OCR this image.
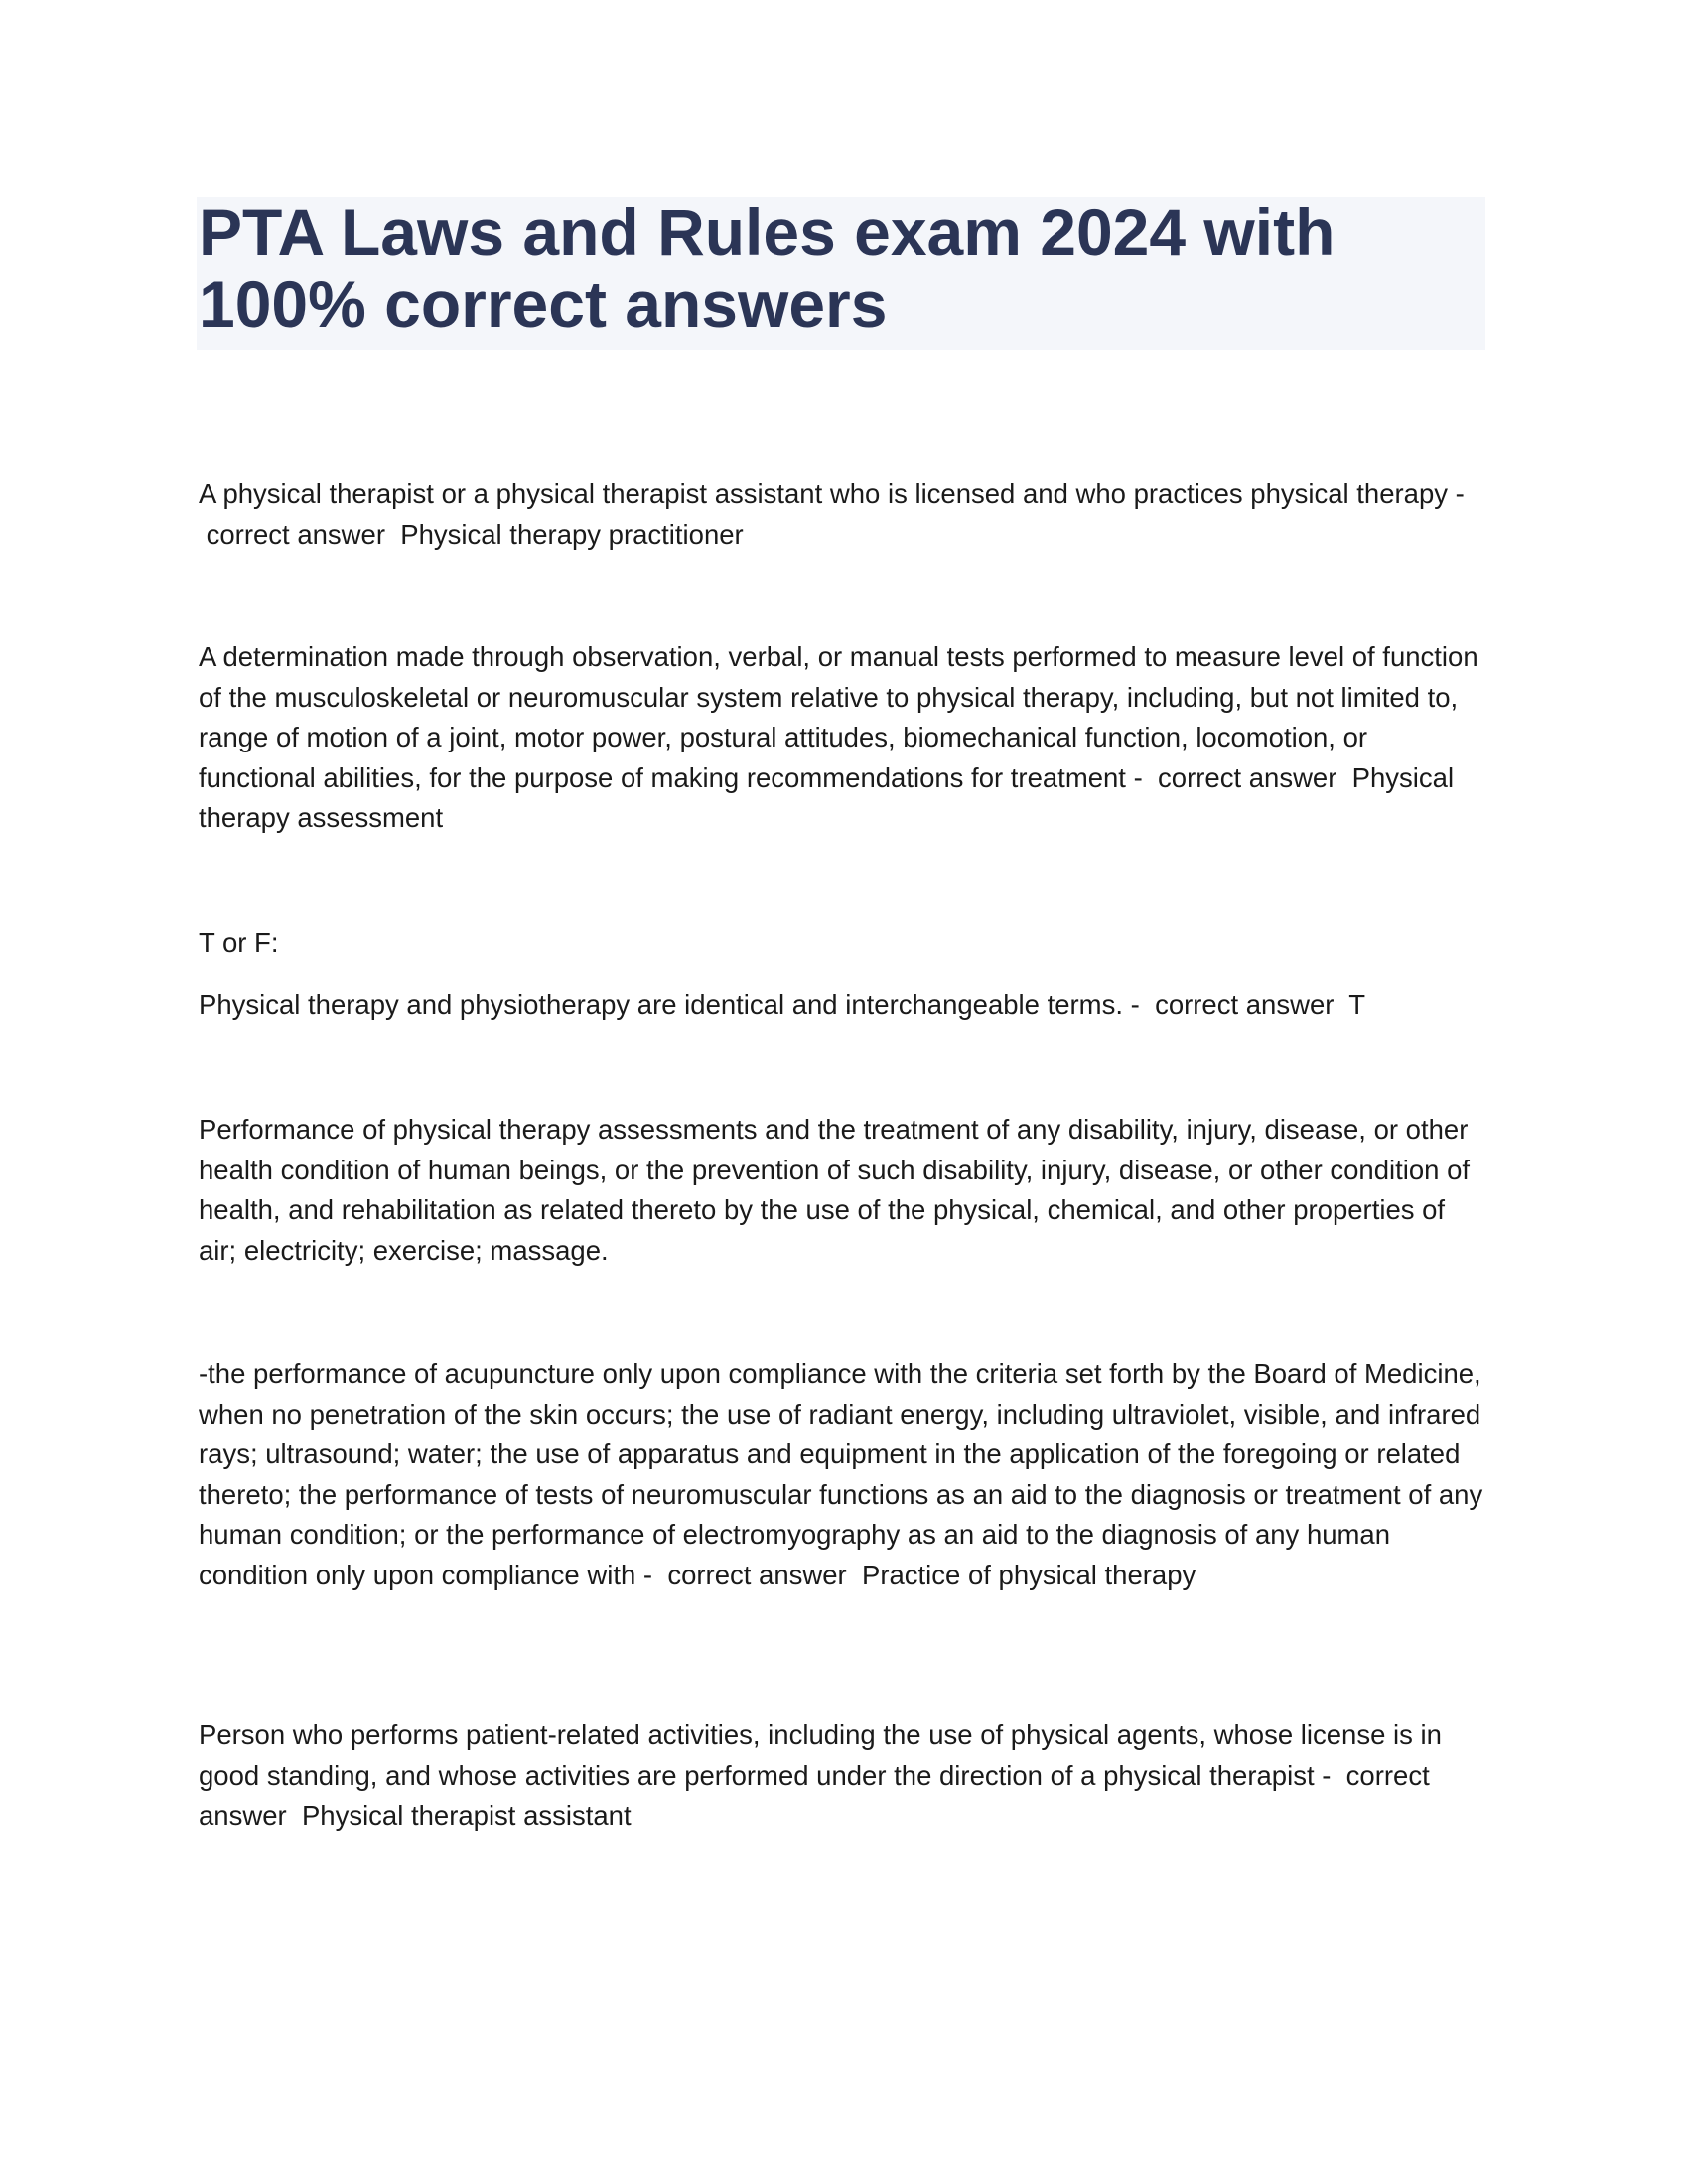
PTA Laws and Rules exam 2024 with
100% correct answers

A physical therapist or a physical therapist assistant who is licensed and who practices physical therapy - correct answer Physical therapy practitioner

A determination made through observation, verbal, or manual tests performed to measure level of function of the musculoskeletal or neuromuscular system relative to physical therapy, including, but not limited to, range of motion of a joint, motor power, postural attitudes, biomechanical function, locomotion, or functional abilities, for the purpose of making recommendations for treatment - correct answer Physical therapy assessment

T or F:

Physical therapy and physiotherapy are identical and interchangeable terms. - correct answer T

Performance of physical therapy assessments and the treatment of any disability, injury, disease, or other health condition of human beings, or the prevention of such disability, injury, disease, or other condition of health, and rehabilitation as related thereto by the use of the physical, chemical, and other properties of air; electricity; exercise; massage.

-the performance of acupuncture only upon compliance with the criteria set forth by the Board of Medicine, when no penetration of the skin occurs; the use of radiant energy, including ultraviolet, visible, and infrared rays; ultrasound; water; the use of apparatus and equipment in the application of the foregoing or related thereto; the performance of tests of neuromuscular functions as an aid to the diagnosis or treatment of any human condition; or the performance of electromyography as an aid to the diagnosis of any human condition only upon compliance with - correct answer Practice of physical therapy

Person who performs patient-related activities, including the use of physical agents, whose license is in good standing, and whose activities are performed under the direction of a physical therapist - correct answer Physical therapist assistant
